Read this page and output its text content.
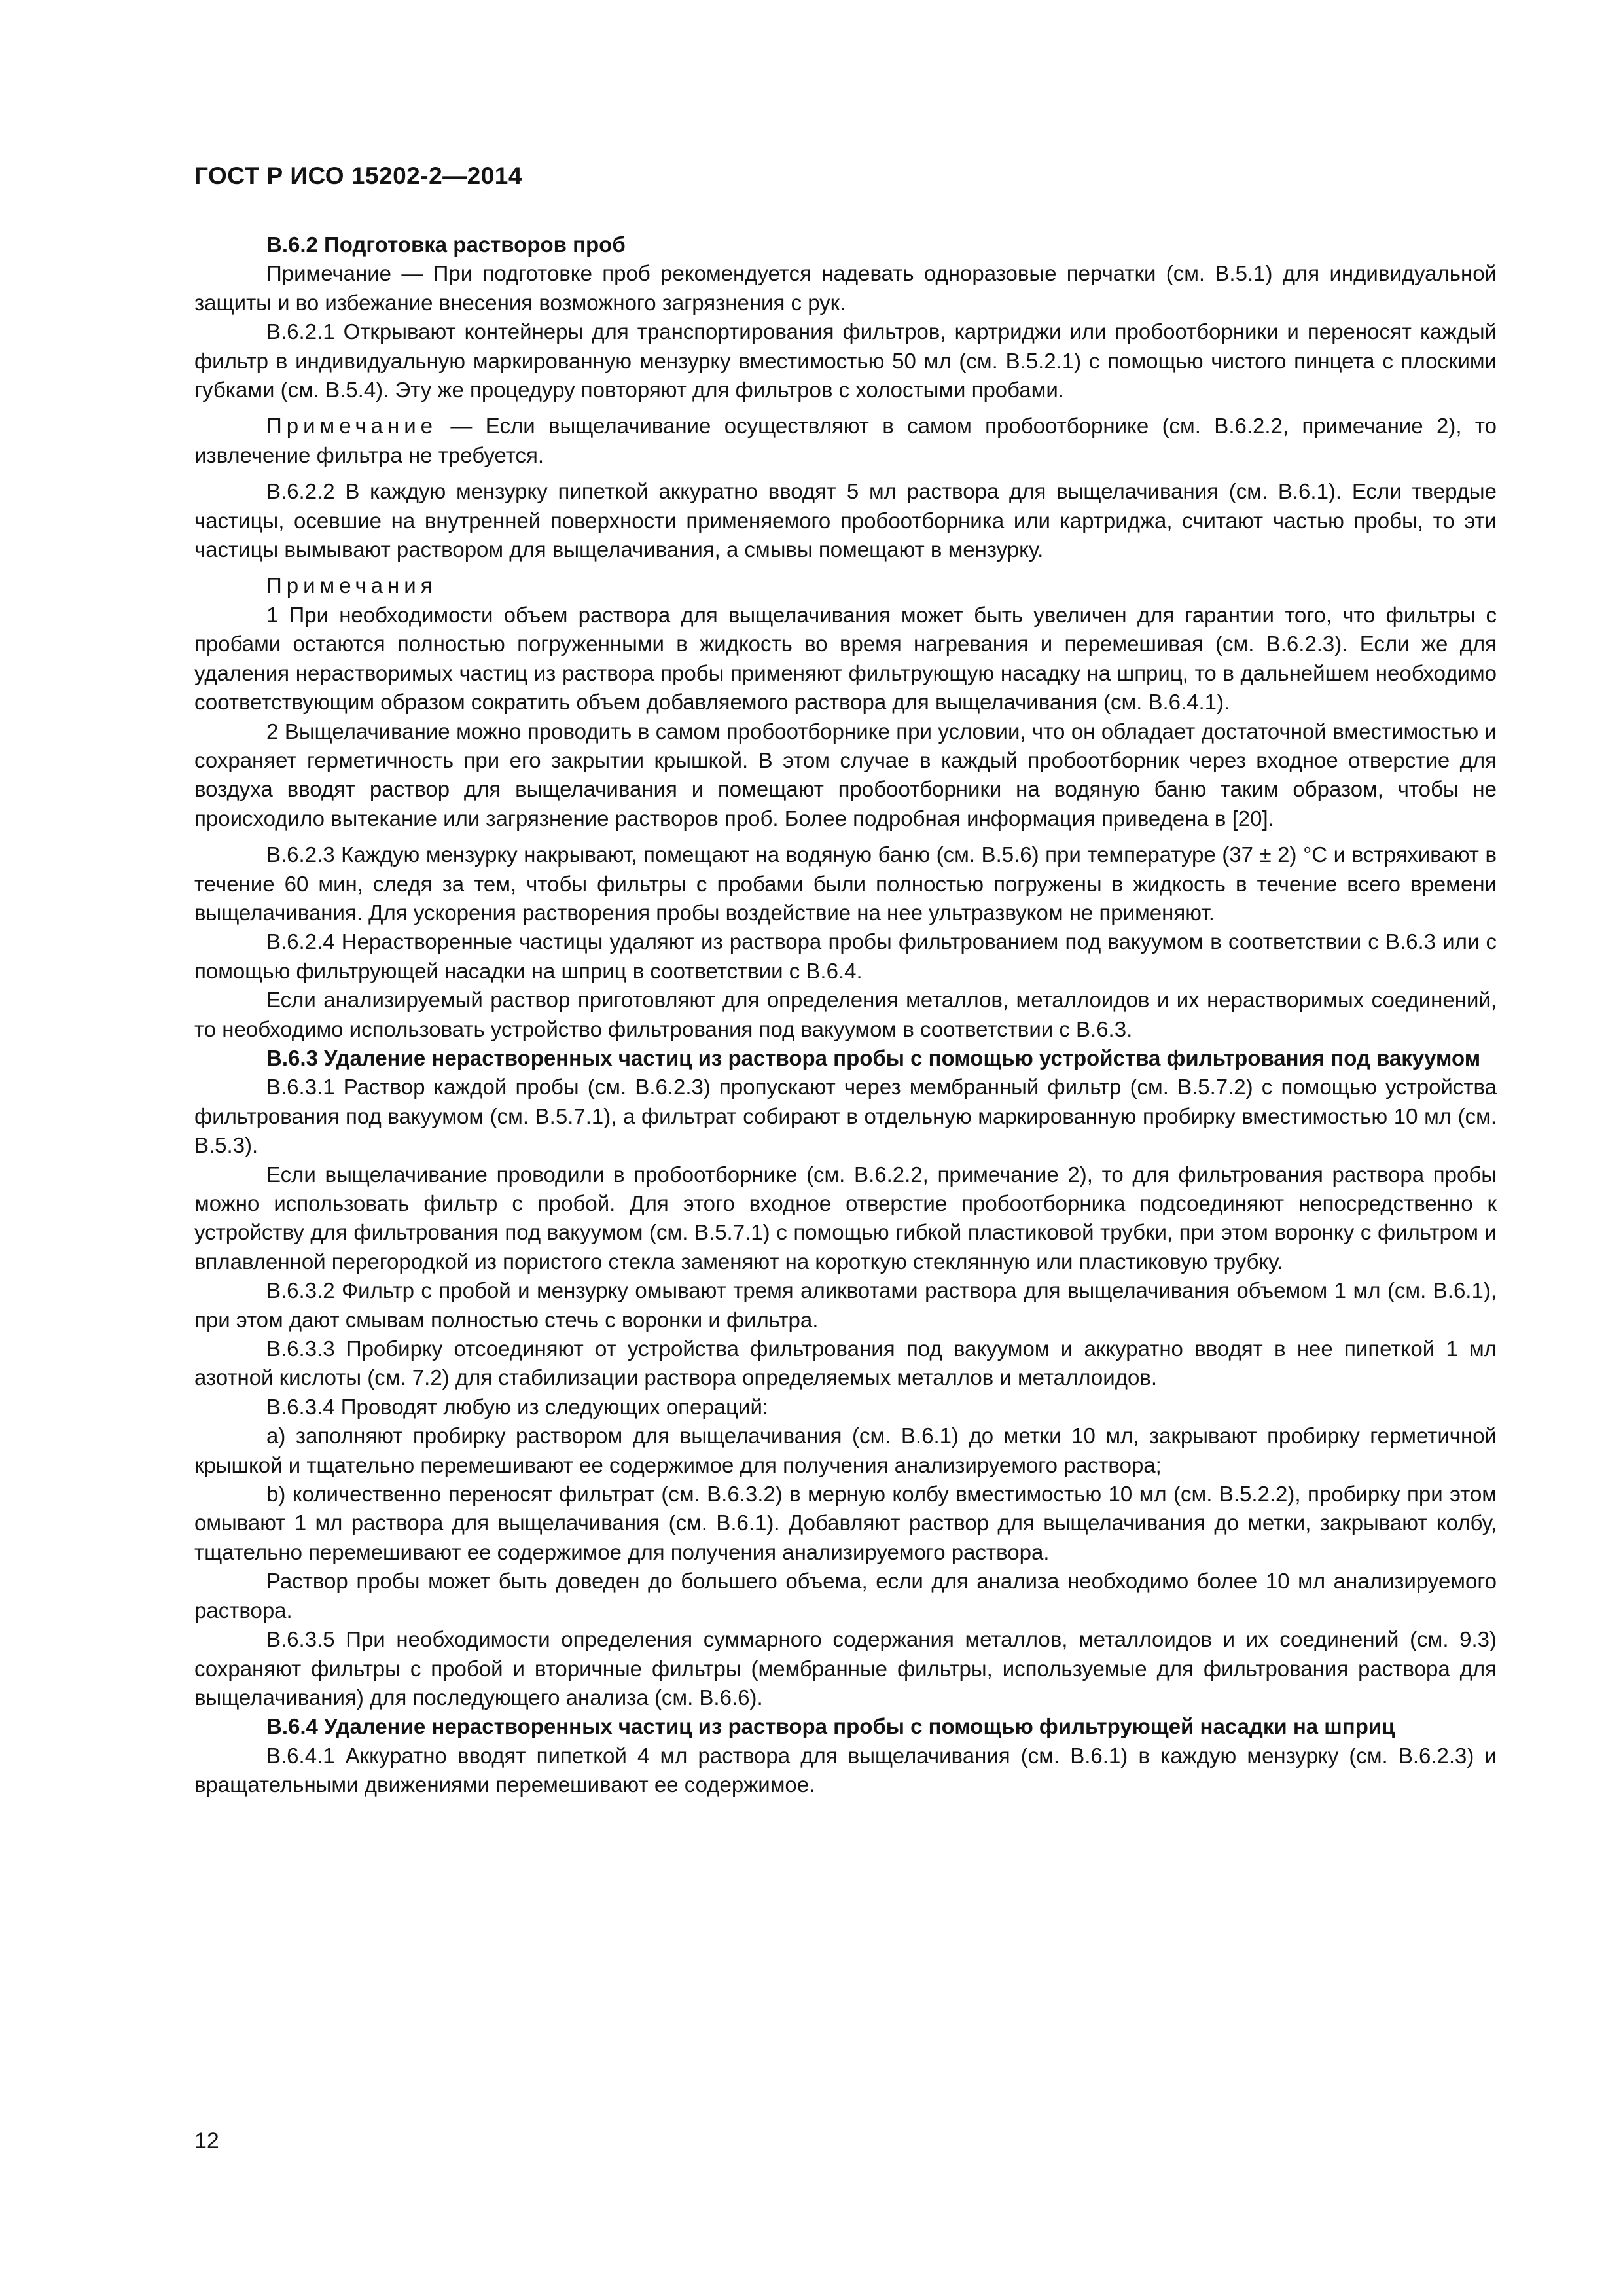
ГОСТ Р ИСО 15202-2—2014

B.6.2 Подготовка растворов проб

Примечание — При подготовке проб рекомендуется надевать одноразовые перчатки (см. B.5.1) для индивидуальной защиты и во избежание внесения возможного загрязнения с рук.

B.6.2.1 Открывают контейнеры для транспортирования фильтров, картриджи или пробоотборники и переносят каждый фильтр в индивидуальную маркированную мензурку вместимостью 50 мл (см. B.5.2.1) с помощью чистого пинцета с плоскими губками (см. B.5.4). Эту же процедуру повторяют для фильтров с холостыми пробами.

Примечание — Если выщелачивание осуществляют в самом пробоотборнике (см. B.6.2.2, примечание 2), то извлечение фильтра не требуется.

B.6.2.2 В каждую мензурку пипеткой аккуратно вводят 5 мл раствора для выщелачивания (см. B.6.1). Если твердые частицы, осевшие на внутренней поверхности применяемого пробоотборника или картриджа, считают частью пробы, то эти частицы вымывают раствором для выщелачивания, а смывы помещают в мензурку.

Примечания

1 При необходимости объем раствора для выщелачивания может быть увеличен для гарантии того, что фильтры с пробами остаются полностью погруженными в жидкость во время нагревания и перемешивая (см. B.6.2.3). Если же для удаления нерастворимых частиц из раствора пробы применяют фильтрующую насадку на шприц, то в дальнейшем необходимо соответствующим образом сократить объем добавляемого раствора для выщелачивания (см. B.6.4.1).

2 Выщелачивание можно проводить в самом пробоотборнике при условии, что он обладает достаточной вместимостью и сохраняет герметичность при его закрытии крышкой. В этом случае в каждый пробоотборник через входное отверстие для воздуха вводят раствор для выщелачивания и помещают пробоотборники на водяную баню таким образом, чтобы не происходило вытекание или загрязнение растворов проб. Более подробная информация приведена в [20].

B.6.2.3 Каждую мензурку накрывают, помещают на водяную баню (см. B.5.6) при температуре (37 ± 2) °С и встряхивают в течение 60 мин, следя за тем, чтобы фильтры с пробами были полностью погружены в жидкость в течение всего времени выщелачивания. Для ускорения растворения пробы воздействие на нее ультразвуком не применяют.

B.6.2.4 Нерастворенные частицы удаляют из раствора пробы фильтрованием под вакуумом в соответствии с B.6.3 или с помощью фильтрующей насадки на шприц в соответствии с B.6.4.

Если анализируемый раствор приготовляют для определения металлов, металлоидов и их нерастворимых соединений, то необходимо использовать устройство фильтрования под вакуумом в соответствии с B.6.3.

B.6.3 Удаление нерастворенных частиц из раствора пробы с помощью устройства фильтрования под вакуумом

B.6.3.1 Раствор каждой пробы (см. B.6.2.3) пропускают через мембранный фильтр (см. B.5.7.2) с помощью устройства фильтрования под вакуумом (см. B.5.7.1), а фильтрат собирают в отдельную маркированную пробирку вместимостью 10 мл (см. B.5.3).

Если выщелачивание проводили в пробоотборнике (см. B.6.2.2, примечание 2), то для фильтрования раствора пробы можно использовать фильтр с пробой. Для этого входное отверстие пробоотборника подсоединяют непосредственно к устройству для фильтрования под вакуумом (см. B.5.7.1) с помощью гибкой пластиковой трубки, при этом воронку с фильтром и вплавленной перегородкой из пористого стекла заменяют на короткую стеклянную или пластиковую трубку.

B.6.3.2 Фильтр с пробой и мензурку омывают тремя аликвотами раствора для выщелачивания объемом 1 мл (см. B.6.1), при этом дают смывам полностью стечь с воронки и фильтра.

B.6.3.3 Пробирку отсоединяют от устройства фильтрования под вакуумом и аккуратно вводят в нее пипеткой 1 мл азотной кислоты (см. 7.2) для стабилизации раствора определяемых металлов и металлоидов.

B.6.3.4 Проводят любую из следующих операций:

a) заполняют пробирку раствором для выщелачивания (см. B.6.1) до метки 10 мл, закрывают пробирку герметичной крышкой и тщательно перемешивают ее содержимое для получения анализируемого раствора;

b) количественно переносят фильтрат (см. B.6.3.2) в мерную колбу вместимостью 10 мл (см. B.5.2.2), пробирку при этом омывают 1 мл раствора для выщелачивания (см. B.6.1). Добавляют раствор для выщелачивания до метки, закрывают колбу, тщательно перемешивают ее содержимое для получения анализируемого раствора.

Раствор пробы может быть доведен до большего объема, если для анализа необходимо более 10 мл анализируемого раствора.

B.6.3.5 При необходимости определения суммарного содержания металлов, металлоидов и их соединений (см. 9.3) сохраняют фильтры с пробой и вторичные фильтры (мембранные фильтры, используемые для фильтрования раствора для выщелачивания) для последующего анализа (см. B.6.6).

B.6.4 Удаление нерастворенных частиц из раствора пробы с помощью фильтрующей насадки на шприц

B.6.4.1 Аккуратно вводят пипеткой 4 мл раствора для выщелачивания (см. B.6.1) в каждую мензурку (см. B.6.2.3) и вращательными движениями перемешивают ее содержимое.

12
